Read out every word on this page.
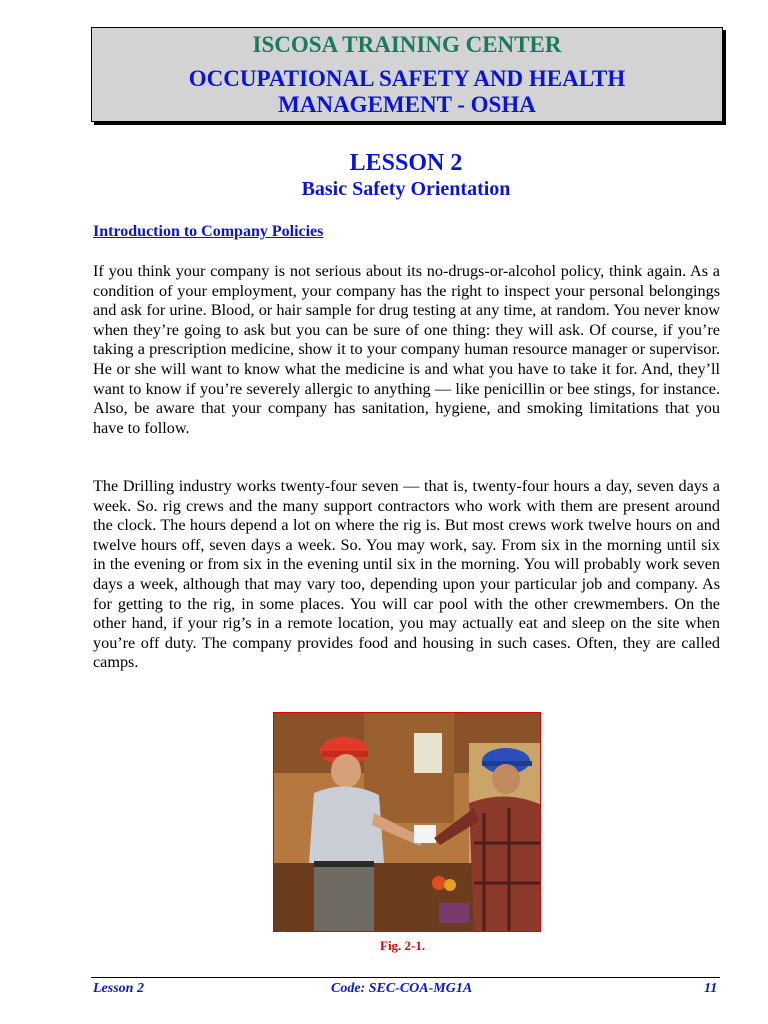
ISCOSA TRAINING CENTER
OCCUPATIONAL SAFETY AND HEALTH
MANAGEMENT - OSHA
LESSON 2
Basic Safety Orientation
Introduction to Company Policies

If you think your company is not serious about its no-drugs-or-alcohol policy, think again. As a condition of your employment, your company has the right to inspect your personal belongings and ask for urine. Blood, or hair sample for drug testing at any time, at random. You never know when they’re going to ask but you can be sure of one thing: they will ask. Of course, if you’re taking a prescription medicine, show it to your company human resource manager or supervisor. He or she will want to know what the medicine is and what you have to take it for. And, they’ll want to know if you’re severely allergic to anything — like penicillin or bee stings, for instance. Also, be aware that your company has sanitation, hygiene, and smoking limitations that you have to follow.

The Drilling industry works twenty-four seven — that is, twenty-four hours a day, seven days a week. So. rig crews and the many support contractors who work with them are present around the clock. The hours depend a lot on where the rig is. But most crews work twelve hours on and twelve hours off, seven days a week. So. You may work, say. From six in the morning until six in the evening or from six in the evening until six in the morning. You will probably work seven days a week, although that may vary too, depending upon your particular job and company. As for getting to the rig, in some places. You will car pool with the other crewmembers. On the other hand, if your rig’s in a remote location, you may actually eat and sleep on the site when you’re off duty. The company provides food and housing in such cases. Often, they are called camps.

Fig. 2-1.
Lesson 2	Code: SEC-COA-MG1A	11
